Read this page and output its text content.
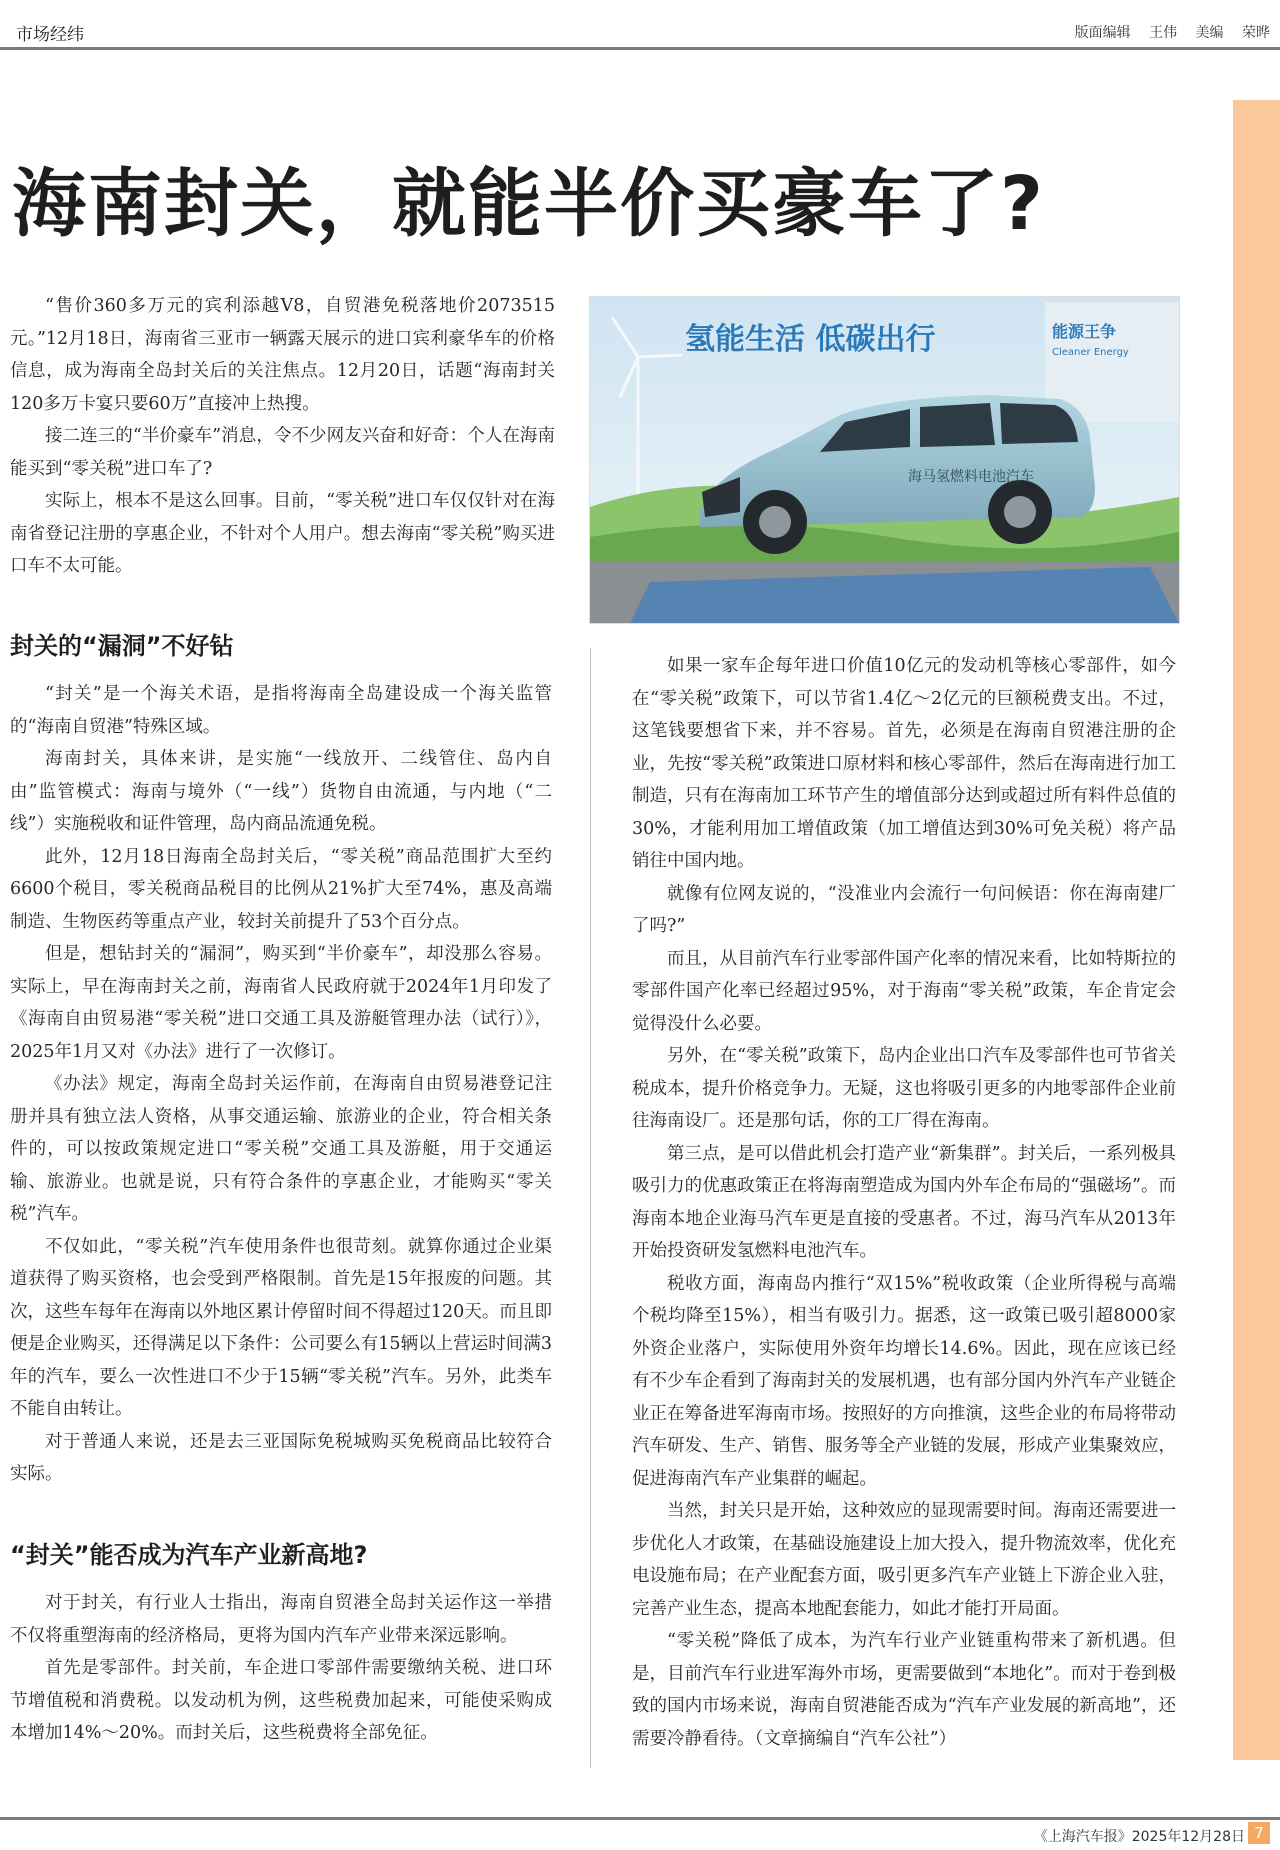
市场经纬	版面编辑 王伟 美编 荣晔
海南封关，就能半价买豪车了?

“售价360多万元的宾利添越V8，自贸港免税落地价2073515元。”12月18日，海南省三亚市一辆露天展示的进口宾利豪华车的价格信息，成为海南全岛封关后的关注焦点。12月20日，话题“海南封关120多万卡宴只要60万”直接冲上热搜。

接二连三的“半价豪车”消息，令不少网友兴奋和好奇：个人在海南能买到“零关税”进口车了?

实际上，根本不是这么回事。目前，“零关税”进口车仅仅针对在海南省登记注册的享惠企业，不针对个人用户。想去海南“零关税”购买进口车不太可能。

氢能生活 低碳出行	能源王争
Cleaner Energy
海马氢燃料电池汽车
封关的“漏洞”不好钻

“封关”是一个海关术语，是指将海南全岛建设成一个海关监管的“海南自贸港”特殊区域。

海南封关，具体来讲，是实施“一线放开、二线管住、岛内自由”监管模式：海南与境外（“一线”）货物自由流通，与内地（“二线”）实施税收和证件管理，岛内商品流通免税。

此外，12月18日海南全岛封关后，“零关税”商品范围扩大至约6600个税目，零关税商品税目的比例从21%扩大至74%，惠及高端制造、生物医药等重点产业，较封关前提升了53个百分点。

但是，想钻封关的“漏洞”，购买到“半价豪车”，却没那么容易。实际上，早在海南封关之前，海南省人民政府就于2024年1月印发了《海南自由贸易港“零关税”进口交通工具及游艇管理办法（试行）》，2025年1月又对《办法》进行了一次修订。

《办法》规定，海南全岛封关运作前，在海南自由贸易港登记注册并具有独立法人资格，从事交通运输、旅游业的企业，符合相关条件的，可以按政策规定进口“零关税”交通工具及游艇，用于交通运输、旅游业。也就是说，只有符合条件的享惠企业，才能购买“零关税”汽车。

不仅如此，“零关税”汽车使用条件也很苛刻。就算你通过企业渠道获得了购买资格，也会受到严格限制。首先是15年报废的问题。其次，这些车每年在海南以外地区累计停留时间不得超过120天。而且即便是企业购买，还得满足以下条件：公司要么有15辆以上营运时间满3年的汽车，要么一次性进口不少于15辆“零关税”汽车。另外，此类车不能自由转让。

对于普通人来说，还是去三亚国际免税城购买免税商品比较符合实际。

“封关”能否成为汽车产业新高地?

对于封关，有行业人士指出，海南自贸港全岛封关运作这一举措不仅将重塑海南的经济格局，更将为国内汽车产业带来深远影响。

首先是零部件。封关前，车企进口零部件需要缴纳关税、进口环节增值税和消费税。以发动机为例，这些税费加起来，可能使采购成本增加14%～20%。而封关后，这些税费将全部免征。

如果一家车企每年进口价值10亿元的发动机等核心零部件，如今在“零关税”政策下，可以节省1.4亿～2亿元的巨额税费支出。不过，这笔钱要想省下来，并不容易。首先，必须是在海南自贸港注册的企业，先按“零关税”政策进口原材料和核心零部件，然后在海南进行加工制造，只有在海南加工环节产生的增值部分达到或超过所有料件总值的30%，才能利用加工增值政策（加工增值达到30%可免关税）将产品销往中国内地。

就像有位网友说的，“没准业内会流行一句问候语：你在海南建厂了吗?”

而且，从目前汽车行业零部件国产化率的情况来看，比如特斯拉的零部件国产化率已经超过95%，对于海南“零关税”政策，车企肯定会觉得没什么必要。

另外，在“零关税”政策下，岛内企业出口汽车及零部件也可节省关税成本，提升价格竞争力。无疑，这也将吸引更多的内地零部件企业前往海南设厂。还是那句话，你的工厂得在海南。

第三点，是可以借此机会打造产业“新集群”。封关后，一系列极具吸引力的优惠政策正在将海南塑造成为国内外车企布局的“强磁场”。而海南本地企业海马汽车更是直接的受惠者。不过，海马汽车从2013年开始投资研发氢燃料电池汽车。

税收方面，海南岛内推行“双15%”税收政策（企业所得税与高端个税均降至15%），相当有吸引力。据悉，这一政策已吸引超8000家外资企业落户，实际使用外资年均增长14.6%。因此，现在应该已经有不少车企看到了海南封关的发展机遇，也有部分国内外汽车产业链企业正在筹备进军海南市场。按照好的方向推演，这些企业的布局将带动汽车研发、生产、销售、服务等全产业链的发展，形成产业集聚效应，促进海南汽车产业集群的崛起。

当然，封关只是开始，这种效应的显现需要时间。海南还需要进一步优化人才政策，在基础设施建设上加大投入，提升物流效率，优化充电设施布局；在产业配套方面，吸引更多汽车产业链上下游企业入驻，完善产业生态，提高本地配套能力，如此才能打开局面。

“零关税”降低了成本，为汽车行业产业链重构带来了新机遇。但是，目前汽车行业进军海外市场，更需要做到“本地化”。而对于卷到极致的国内市场来说，海南自贸港能否成为“汽车产业发展的新高地”，还需要冷静看待。（文章摘编自“汽车公社”）

《上海汽车报》2025年12月28日 7
